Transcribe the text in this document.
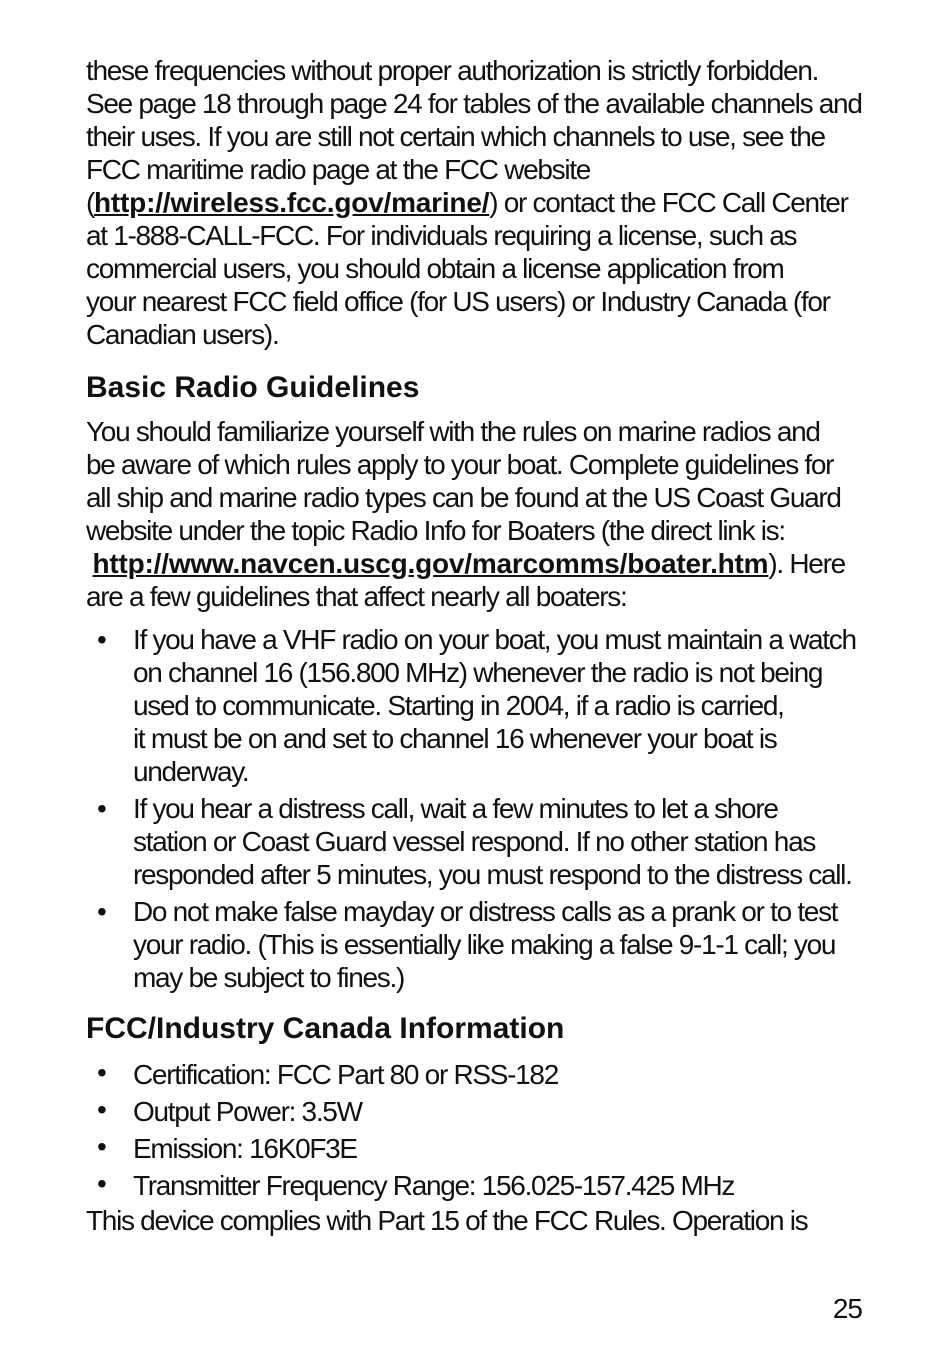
these frequencies without proper authorization is strictly forbidden.
See page 18 through page 24 for tables of the available channels and
their uses. If you are still not certain which channels to use, see the
FCC maritime radio page at the FCC website
(http://wireless.fcc.gov/marine/) or contact the FCC Call Center
at 1-888-CALL-FCC. For individuals requiring a license, such as
commercial users, you should obtain a license application from
your nearest FCC field office (for US users) or Industry Canada (for
Canadian users).

Basic Radio Guidelines

You should familiarize yourself with the rules on marine radios and
be aware of which rules apply to your boat. Complete guidelines for
all ship and marine radio types can be found at the US Coast Guard
website under the topic Radio Info for Boaters (the direct link is:
http://www.navcen.uscg.gov/marcomms/boater.htm). Here
are a few guidelines that affect nearly all boaters:

• If you have a VHF radio on your boat, you must maintain a watch
on channel 16 (156.800 MHz) whenever the radio is not being
used to communicate. Starting in 2004, if a radio is carried,
it must be on and set to channel 16 whenever your boat is
underway.
• If you hear a distress call, wait a few minutes to let a shore
station or Coast Guard vessel respond. If no other station has
responded after 5 minutes, you must respond to the distress call.
• Do not make false mayday or distress calls as a prank or to test
your radio. (This is essentially like making a false 9-1-1 call; you
may be subject to fines.)
FCC/Industry Canada Information
• Certification: FCC Part 80 or RSS-182
• Output Power: 3.5W
• Emission: 16K0F3E
• Transmitter Frequency Range: 156.025-157.425 MHz

This device complies with Part 15 of the FCC Rules. Operation is

25
